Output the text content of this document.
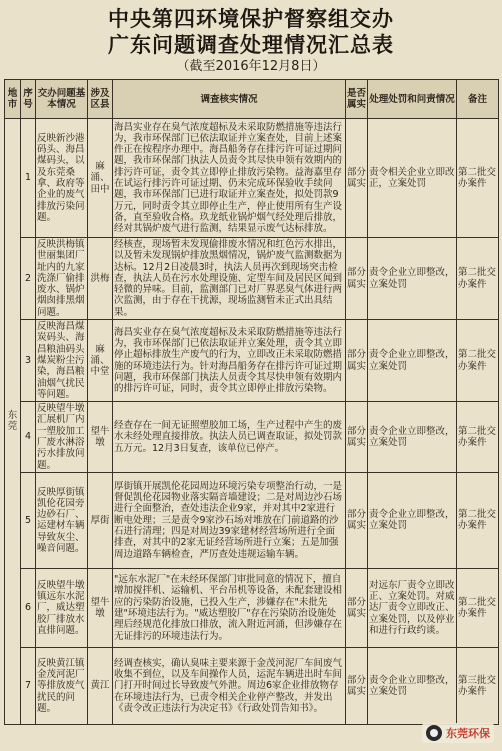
中央第四环境保护督察组交办
广东问题调查处理情况汇总表
（截至2016年12月8日）
地市	序号	交办问题基本情况	涉及区县	调查核实情况	是否属实	处理处罚和问责情况	备注
东莞	1	反映新沙港码头、海昌煤码头，以及东莞桑拿、政府等企业的废气排放污染问题。	麻涌、田中	海昌实业存在臭气浓度超标及未采取防燃措施等违法行为，我市环保部门已依法取证并立案查处，目前上述案件正在按程序办理中。海昌船务存在排污许可证过期问题，我市环保部门执法人员责令其尽快申领有效期内的排污许可证，责令其立即停止排放污染物。益海嘉里存在试运行排污许可证过期、仍未完成环保验收手续问题，我市环保部门已进行取证并立案查处，拟处罚款9万元，同时责令其立即停止生产，停止使用所有生产设备，直至验收合格。玖龙纸业锅炉烟气经处理后排放，经对其锅炉废气进行监测，结果显示废气达标排放。	部分属实	责令相关企业立即改正，立案处罚	第二批交办案件
	2	反映洪梅镇世丽集团厂址内的九家洗涤厂偷排废水、锅炉烟囱排黑烟问题。	洪梅	经核查，现场暂未发现偷排废水情况和红色污水排出，以及暂未发现锅炉排放黑烟情况，锅炉废气监测数据为达标。12月2日凌晨3时，执法人员再次到现场突击检查，执法人员在污水处理设施、定型车间及居民区闻到轻微的异味。目前，监测部门已对厂界恶臭气体进行两次监测，由于存在干扰源，现场监测暂未正式出具结果。	部分属实	责令企业立即整改，立案处罚	第二批交办案件
	3	反映海昌煤炭码头、海昌粮油码头煤炭粉尘污染，海昌粮油烟气扰民等问题。	麻涌、中堂	海昌实业存在臭气浓度超标及未采取防燃措施等违法行为，我市环保部门已依法取证并立案处理，责令其立即停止超标排放生产废气的行为，立即改正未采取防燃措施的环境违法行为。针对海昌船务存在排污许可证过期问题，我市环保部门执法人员责令其尽快申领有效期内的排污许可证，同时，责令其立即停止排放污染物。	部分属实	责令企业立即整改，立案处罚	第二批交办案件
	4	反映望牛墩汇展机厂内一塑胶加工厂废水淋浴污水排放问题。	望牛墩	经查存在一间无证照塑胶加工场，生产过程中产生的废水未经处理直接排放。执法人员已调查取证，拟处罚款五万元。12月3日复查，该单位已停产。	部分属实	责令企业立即整改，立案处罚	第二批交办案件
	5	反映厚街镇凯伦花园旁边砂石厂、运建材车辆导致灰尘、噪音问题。	厚街	厚街镇开展凯伦花园周边环境污染专项整治行动，一是督促凯伦花园物业落实隔音墙建设；二是对周边沙石场进行全面整治，查处违法企业9家，并对其中2家进行断电处理；三是责令9家沙石场对堆放在门前道路的沙石进行清理；四是对周边39家建材经营场所进行全面排查，对其中的2家无证经营场所进行立案；五是加强周边道路车辆检查，严厉查处违规运输车辆。	部分属实	责令企业立即整改，立案处罚	第二批交办案件
	6	反映望牛墩镇远东水泥厂，威达塑胶厂排放水直排问题。	望牛墩	"远东水泥厂"在未经环保部门审批同意的情况下，擅自增加搅拌机、运输机、平台吊机等设备，未配套建设相应的污染防治设施，已投入生产，涉嫌存在"未批先建"环境违法行为。"威达塑胶厂"存在污染防治设施处理后经规范化排放口排放，流入附近河涌，但涉嫌存在无证排污的环境违法行为。	部分属实	对远东厂责令立即改正、立案处罚。对威达厂责令立即改正、立案处罚，以及停业和进行行政约谈。	第二批交办案件
	7	反映黄江镇金茂河泥厂等排放废气扰民的问题。	黄江	经调查核实，确认臭味主要来源于金茂河泥厂车间废气收集不到位，以及车间操作人员，运泥车辆进出时车间门打开时间过长导致废气外泄。周边6家企业排放物存在环境违法行为，已责令相关企业停产整改，并发出《责令改正违法行为决定书》《行政处罚告知书》。	部分属实	责令企业立即整改，立案处罚	第三批交办案件
东莞环保
